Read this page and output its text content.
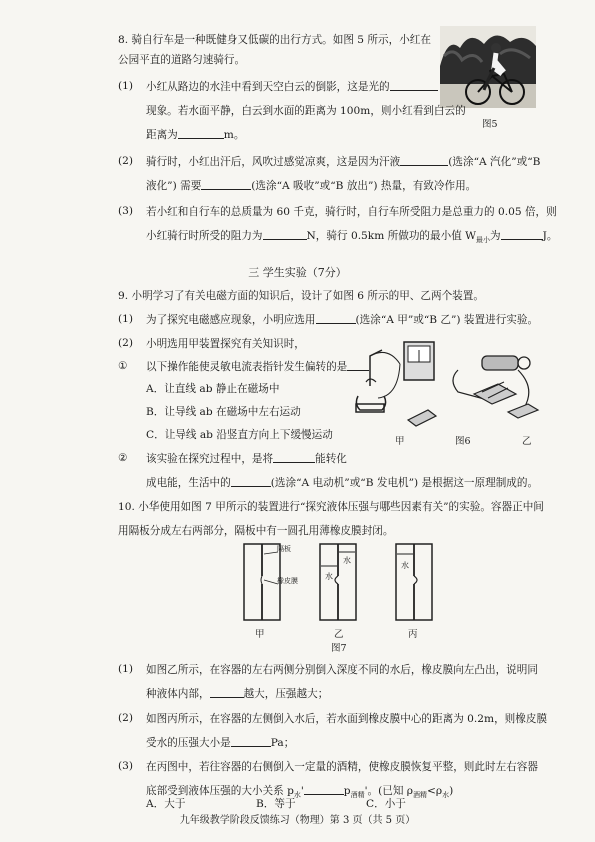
8. 骑自行车是一种既健身又低碳的出行方式。如图 5 所示，小红在
公园平直的道路匀速骑行。
图5
(1) 小红从路边的水洼中看到天空白云的倒影，这是光的
现象。若水面平静，白云到水面的距离为 100m，则小红看到白云的
距离为	m。
(2) 骑行时，小红出汗后，风吹过感觉凉爽，这是因为汗液	(选涂“A 汽化”或“B
液化”) 需要	(选涂“A 吸收”或“B 放出”) 热量，有致冷作用。
(3) 若小红和自行车的总质量为 60 千克，骑行时，自行车所受阻力是总重力的 0.05 倍，则
小红骑行时所受的阻力为	N，骑行 0.5km 所做功的最小值 $W_{最小}$为	J。
三 学生实验（7分）
9. 小明学习了有关电磁方面的知识后，设计了如图 6 所示的甲、乙两个装置。
(1) 为了探究电磁感应现象，小明应选用	(选涂“A 甲”或“B 乙”) 装置进行实验。
(2) 小明选用甲装置探究有关知识时，
① 以下操作能使灵敏电流表指针发生偏转的是
A．让直线 ab 静止在磁场中
B．让导线 ab 在磁场中左右运动
C．让导线 ab 沿竖直方向上下缓慢运动
甲	图6	乙
② 该实验在探究过程中，是将	能转化
成电能，生活中的	(选涂“A 电动机”或“B 发电机”) 是根据这一原理制成的。
10. 小华使用如图 7 甲所示的装置进行“探究液体压强与哪些因素有关”的实验。容器正中间
用隔板分成左右两部分，隔板中有一圆孔用薄橡皮膜封闭。
隔板
橡皮膜	水
水
水
甲	乙	丙
图7
(1) 如图乙所示，在容器的左右两侧分别倒入深度不同的水后，橡皮膜向左凸出，说明同
种液体内部，	越大，压强越大；
(2) 如图丙所示，在容器的左侧倒入水后，若水面到橡皮膜中心的距离为 0.2m，则橡皮膜
受水的压强大小是	Pa；
(3) 在丙图中，若往容器的右侧倒入一定量的酒精，使橡皮膜恢复平整，则此时左右容器
底部受到液体压强的大小关系 $p_水'$	$p_{酒精}'$。(已知 $\rho_{酒精}<\rho_水$)
A．大于	B．等于	C．小于
九年级教学阶段反馈练习（物理）第 3 页（共 5 页）
